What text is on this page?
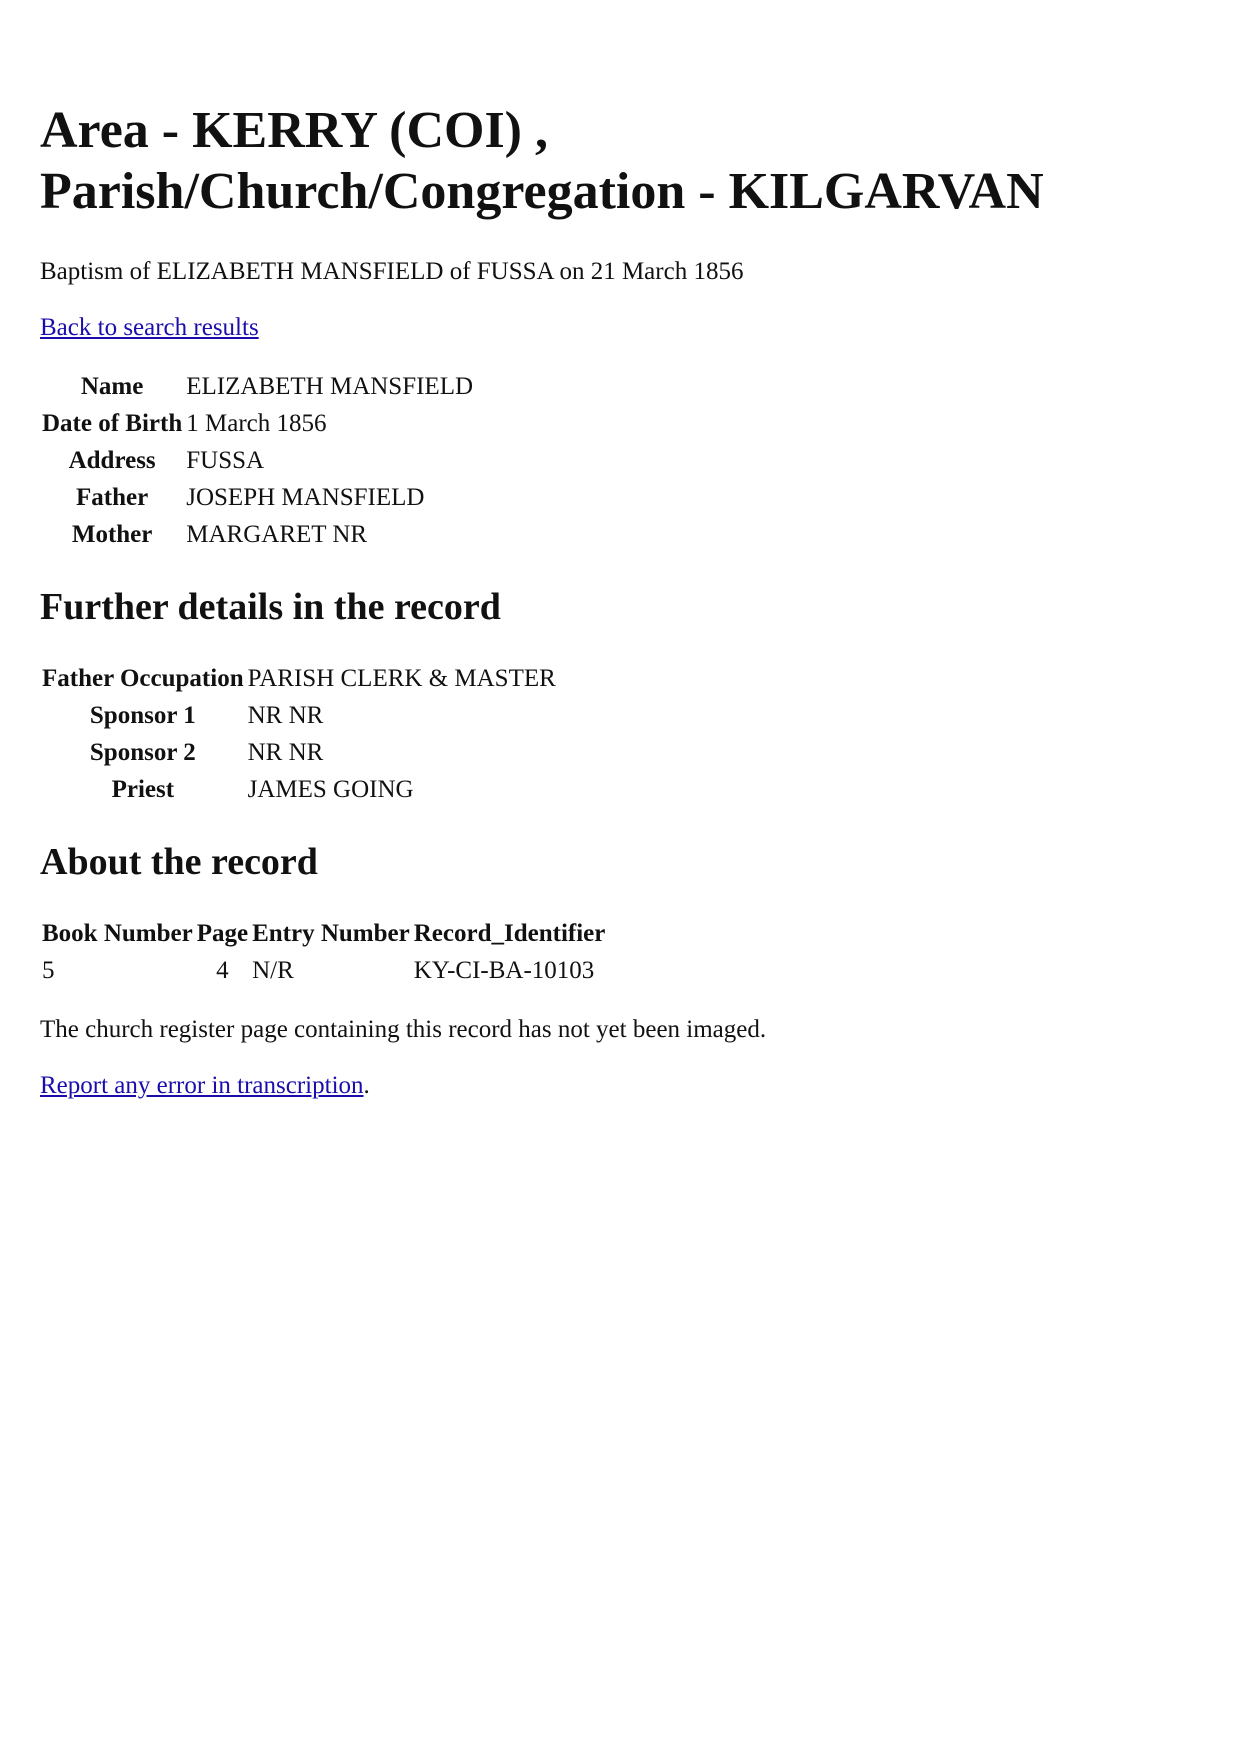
Area - KERRY (COI) ,
Parish/Church/Congregation - KILGARVAN

Baptism of ELIZABETH MANSFIELD of FUSSA on 21 March 1856

Back to search results

Name	ELIZABETH MANSFIELD
Date of Birth	1 March 1856
Address	FUSSA
Father	JOSEPH MANSFIELD
Mother	MARGARET NR
Further details in the record
Father Occupation	PARISH CLERK & MASTER
Sponsor 1	NR NR
Sponsor 2	NR NR
Priest	JAMES GOING
About the record
Book Number	Page	Entry Number	Record_Identifier
5	4	N/R	KY-CI-BA-10103

The church register page containing this record has not yet been imaged.

Report any error in transcription.
